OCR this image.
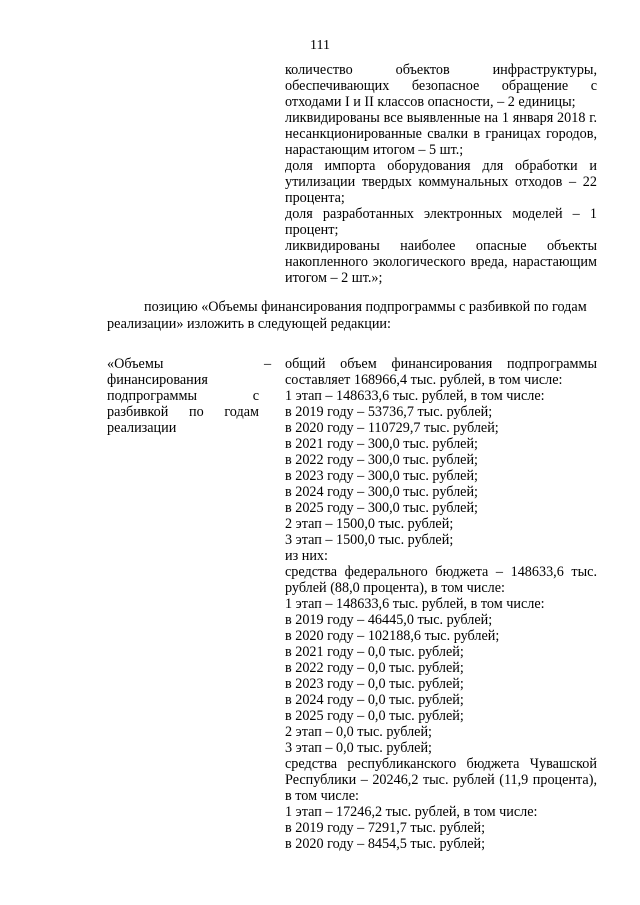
111

количество объектов инфраструктуры, обеспечивающих безопасное обращение с отходами I и II классов опасности, – 2 единицы;

ликвидированы все выявленные на 1 января 2018 г. несанкционированные свалки в границах городов, нарастающим итогом – 5 шт.;

доля импорта оборудования для обработки и утилизации твердых коммунальных отходов – 22 процента;

доля разработанных электронных моделей – 1 процент;

ликвидированы наиболее опасные объекты накопленного экологического вреда, нарастающим итогом – 2 шт.»;

позицию «Объемы финансирования подпрограммы с разбивкой по годам

реализации» изложить в следующей редакции:

«Объемы финансирования подпрограммы с разбивкой по годам реализации
– общий объем финансирования подпрограммы составляет 168966,4 тыс. рублей, в том числе:

1 этап – 148633,6 тыс. рублей, в том числе:

в 2019 году – 53736,7 тыс. рублей;

в 2020 году – 110729,7 тыс. рублей;

в 2021 году – 300,0 тыс. рублей;

в 2022 году – 300,0 тыс. рублей;

в 2023 году – 300,0 тыс. рублей;

в 2024 году – 300,0 тыс. рублей;

в 2025 году – 300,0 тыс. рублей;

2 этап – 1500,0 тыс. рублей;

3 этап – 1500,0 тыс. рублей;

из них:

средства федерального бюджета – 148633,6 тыс. рублей (88,0 процента), в том числе:

1 этап – 148633,6 тыс. рублей, в том числе:

в 2019 году – 46445,0 тыс. рублей;

в 2020 году – 102188,6 тыс. рублей;

в 2021 году – 0,0 тыс. рублей;

в 2022 году – 0,0 тыс. рублей;

в 2023 году – 0,0 тыс. рублей;

в 2024 году – 0,0 тыс. рублей;

в 2025 году – 0,0 тыс. рублей;

2 этап – 0,0 тыс. рублей;

3 этап – 0,0 тыс. рублей;

средства республиканского бюджета Чувашской Республики – 20246,2 тыс. рублей (11,9 процента), в том числе:

1 этап – 17246,2 тыс. рублей, в том числе:

в 2019 году – 7291,7 тыс. рублей;

в 2020 году – 8454,5 тыс. рублей;
